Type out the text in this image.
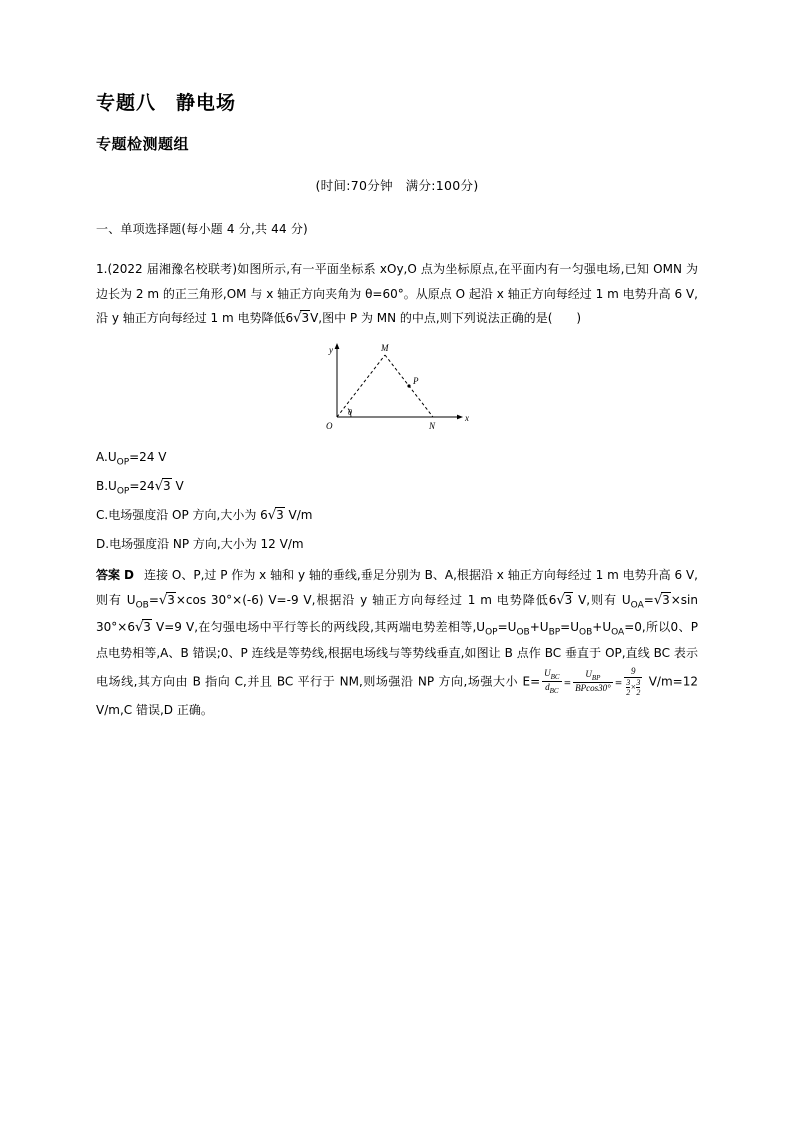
专题八　静电场
专题检测题组
(时间:70分钟　满分:100分)
一、单项选择题(每小题 4 分,共 44 分)
1.(2022 届湘豫名校联考)如图所示,有一平面坐标系 xOy,O 点为坐标原点,在平面内有一匀强电场,已知 OMN 为边长为 2 m 的正三角形,OM 与 x 轴正方向夹角为 θ=60°。从原点 O 起沿 x 轴正方向每经过 1 m 电势升高 6 V,沿 y 轴正方向每经过 1 m 电势降低6√3V,图中 P 为 MN 的中点,则下列说法正确的是(　　)
y
x
O
M
N
P
θ
$A.U_{OP}=24$ V
$B.U_{OP}=24√3$ V
C.电场强度沿 OP 方向,大小为 6√3 V/m
D.电场强度沿 NP 方向,大小为 12 V/m
答案 D 连接 O、P,过 P 作为 x 轴和 y 轴的垂线,垂足分别为 B、A,根据沿 x 轴正方向每经过 1 m 电势升高 6 V,则有 $U_{OB}=√3\times\cos$ 30°×(-6) V=-9 V,根据沿 y 轴正方向每经过 1 m 电势降低6√3 V,则有 $U_{OA}=√3\times\sin$ 30°×6√3 V=9 V,在匀强电场中平行等长的两线段,其两端电势差相等$,U_{OP}=U_{OB}+U_{BP}=U_{OB}+U_{OA}=0$,所以0、P 点电势相等,A、B 错误;0、P 连线是等势线,根据电场线与等势线垂直,如图让 B 点作 BC 垂直于 OP,直线 BC 表示电场线,其方向由 B 指向 C,并且 BC 平行于 NM,则场强沿 NP 方向,场强大小 $E= \frac{U_{BC}}{d_{BC}} = \frac{U_{BP}}{BPcos30^\circ} = \frac{9}{\frac{3}{2} \times \frac{3}{2}} V/m=12$ V/m,C 错误,D 正确。
